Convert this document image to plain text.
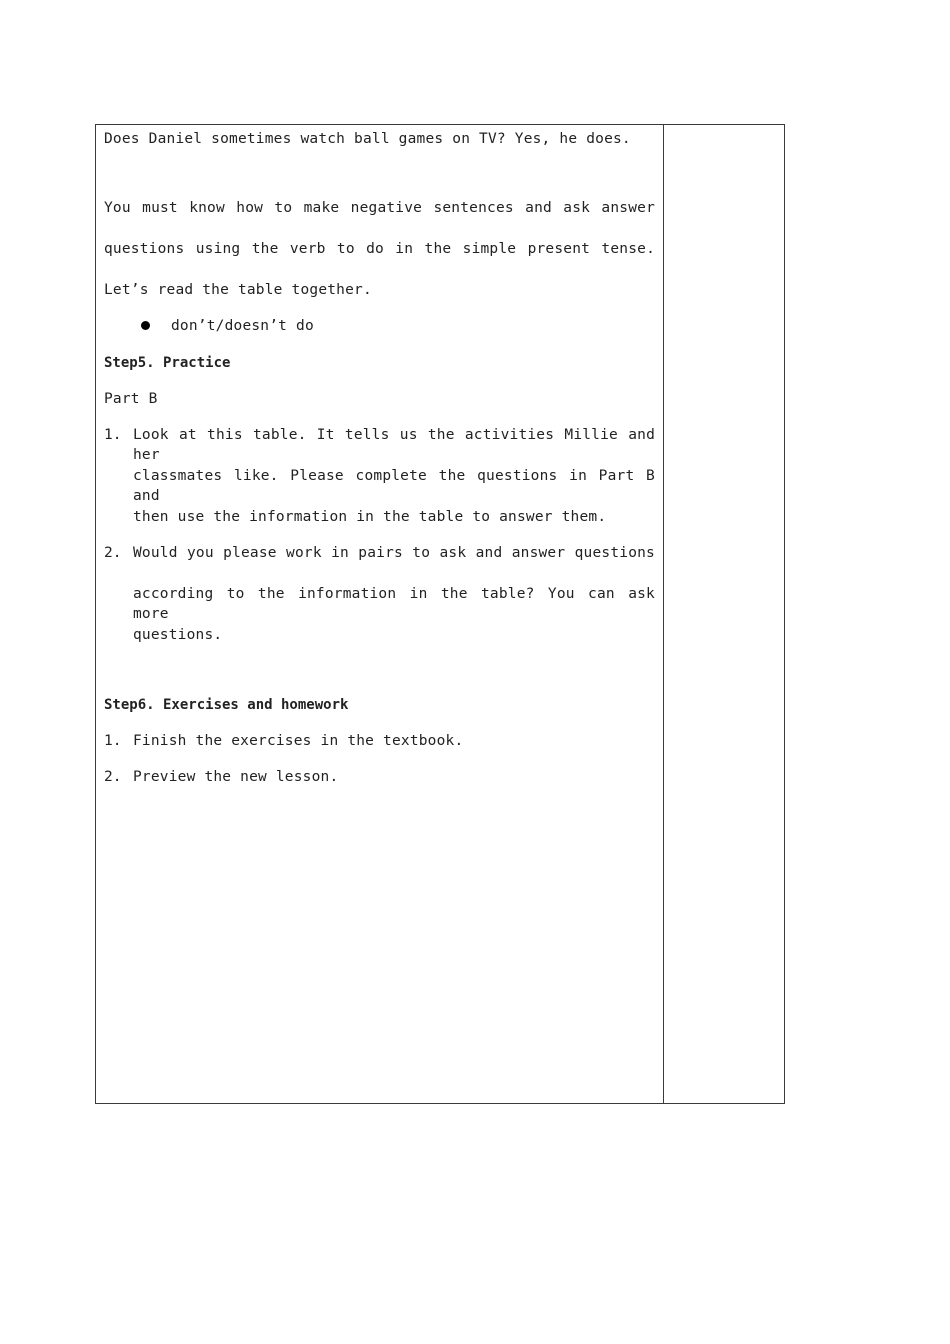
Does Daniel sometimes watch ball games on TV? Yes, he does.
You must know how to make negative sentences and ask answer
questions using the verb to do in the simple present tense.
Let’s read the table together.
don’t/doesn’t do
Step5. Practice
Part B
1. Look at this table. It tells us the activities Millie and her
classmates like. Please complete the questions in Part B and
then use the information in the table to answer them.
2. Would you please work in pairs to ask and answer questions
according to the information in the table? You can ask more
questions.
Step6. Exercises and homework
1. Finish the exercises in the textbook.
2. Preview the new lesson.
